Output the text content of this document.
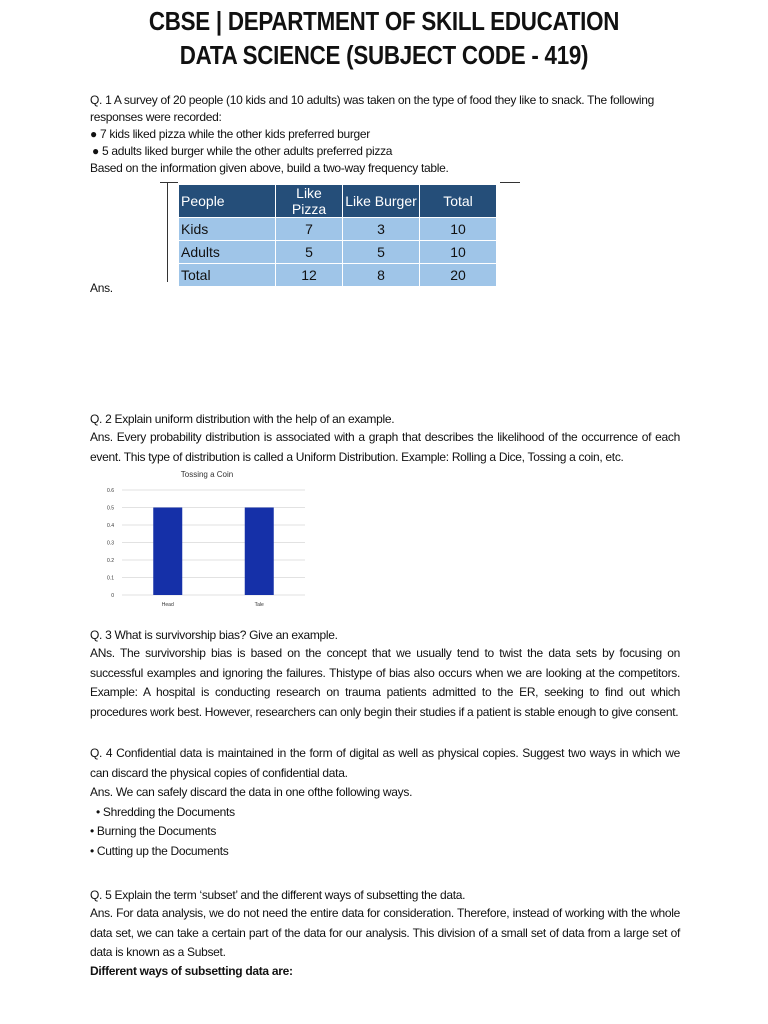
CBSE | DEPARTMENT OF SKILL EDUCATION
DATA SCIENCE (SUBJECT CODE - 419)

Q. 1 A survey of 20 people (10 kids and 10 adults) was taken on the type of food they like to snack. The following responses were recorded:

● 7 kids liked pizza while the other kids preferred burger

● 5 adults liked burger while the other adults preferred pizza

Based on the information given above, build a two-way frequency table.

People	Like Pizza	Like Burger	Total
Kids	7	3	10
Adults	5	5	10
Total	12	8	20

Ans.

Q. 2 Explain uniform distribution with the help of an example.

Ans. Every probability distribution is associated with a graph that describes the likelihood of the occurrence of each event. This type of distribution is called a Uniform Distribution. Example: Rolling a Dice, Tossing a coin, etc.

Tossing a Coin
0
0.1
0.2
0.3
0.4
0.5
0.6
Head	Tale

Q. 3 What is survivorship bias? Give an example.

ANs. The survivorship bias is based on the concept that we usually tend to twist the data sets by focusing on successful examples and ignoring the failures. Thistype of bias also occurs when we are looking at the competitors. Example: A hospital is conducting research on trauma patients admitted to the ER, seeking to find out which procedures work best. However, researchers can only begin their studies if a patient is stable enough to give consent.

Q. 4 Confidential data is maintained in the form of digital as well as physical copies. Suggest two ways in which we can discard the physical copies of confidential data.

Ans. We can safely discard the data in one ofthe following ways.

• Shredding the Documents

• Burning the Documents

• Cutting up the Documents

Q. 5 Explain the term ‘subset’ and the different ways of subsetting the data.

Ans. For data analysis, we do not need the entire data for consideration. Therefore, instead of working with the whole data set, we can take a certain part of the data for our analysis. This division of a small set of data from a large set of data is known as a Subset.

Different ways of subsetting data are:
